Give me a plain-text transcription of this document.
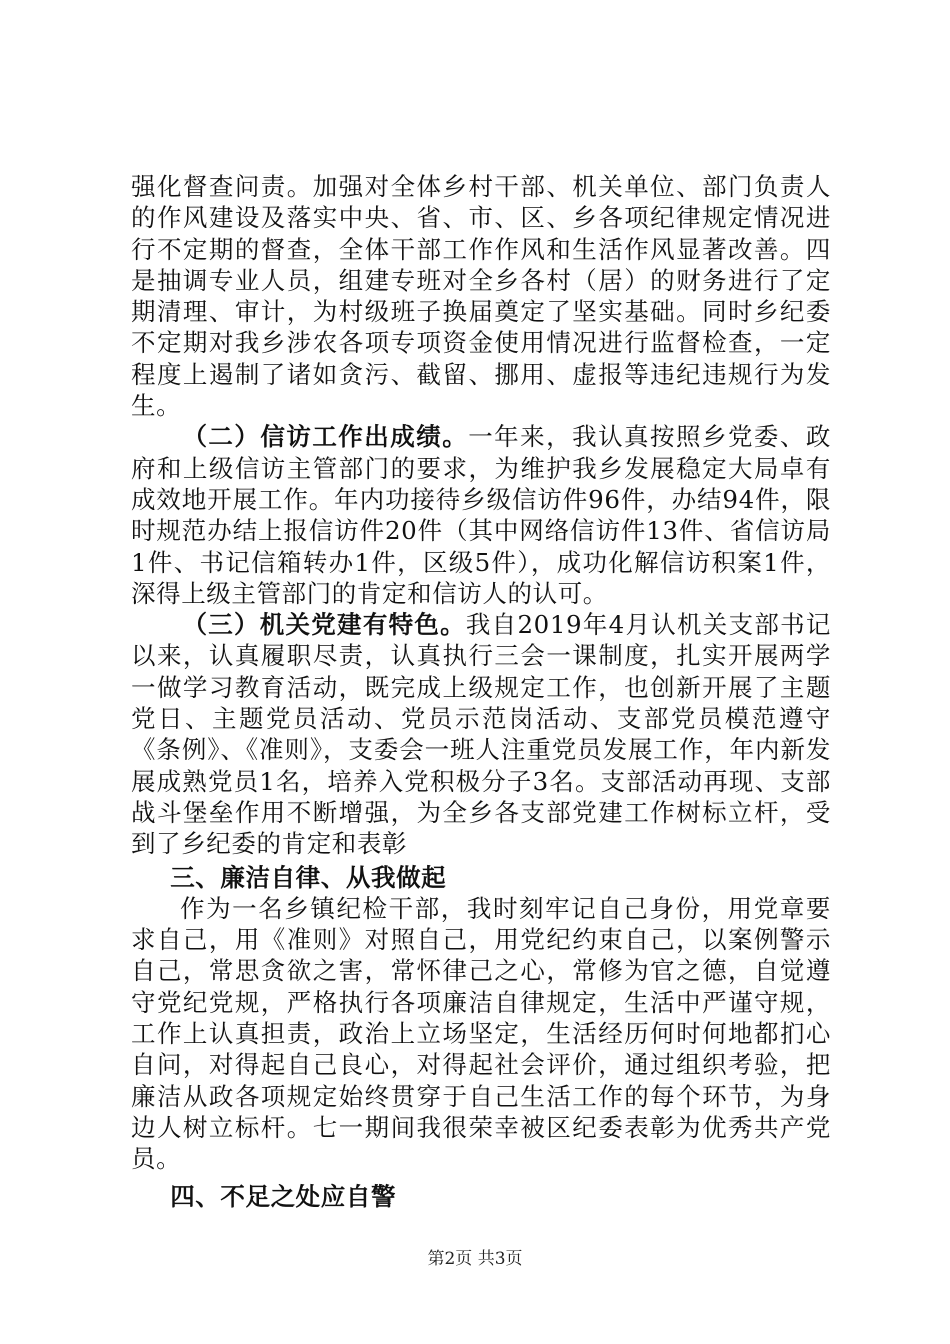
强化督查问责。加强对全体乡村干部、机关单位、部门负责人的作风建设及落实中央、省、市、区、乡各项纪律规定情况进行不定期的督查，全体干部工作作风和生活作风显著改善。四是抽调专业人员，组建专班对全乡各村（居）的财务进行了定期清理、审计，为村级班子换届奠定了坚实基础。同时乡纪委不定期对我乡涉农各项专项资金使用情况进行监督检查，一定程度上遏制了诸如贪污、截留、挪用、虚报等违纪违规行为发生。

（二）信访工作出成绩。一年来，我认真按照乡党委、政府和上级信访主管部门的要求，为维护我乡发展稳定大局卓有成效地开展工作。年内功接待乡级信访件96件，办结94件，限时规范办结上报信访件20件（其中网络信访件13件、省信访局1件、书记信箱转办1件，区级5件），成功化解信访积案1件，深得上级主管部门的肯定和信访人的认可。

（三）机关党建有特色。我自2019年4月认机关支部书记以来，认真履职尽责，认真执行三会一课制度，扎实开展两学一做学习教育活动，既完成上级规定工作，也创新开展了主题党日、主题党员活动、党员示范岗活动、支部党员模范遵守《条例》、《准则》，支委会一班人注重党员发展工作，年内新发展成熟党员1名，培养入党积极分子3名。支部活动再现、支部战斗堡垒作用不断增强，为全乡各支部党建工作树标立杆，受到了乡纪委的肯定和表彰

三、廉洁自律、从我做起

作为一名乡镇纪检干部，我时刻牢记自己身份，用党章要求自己，用《准则》对照自己，用党纪约束自己，以案例警示自己，常思贪欲之害，常怀律己之心，常修为官之德，自觉遵守党纪党规，严格执行各项廉洁自律规定，生活中严谨守规，工作上认真担责，政治上立场坚定，生活经历何时何地都扪心自问，对得起自己良心，对得起社会评价，通过组织考验，把廉洁从政各项规定始终贯穿于自己生活工作的每个环节，为身边人树立标杆。七一期间我很荣幸被区纪委表彰为优秀共产党员。

四、不足之处应自警

第2页 共3页
